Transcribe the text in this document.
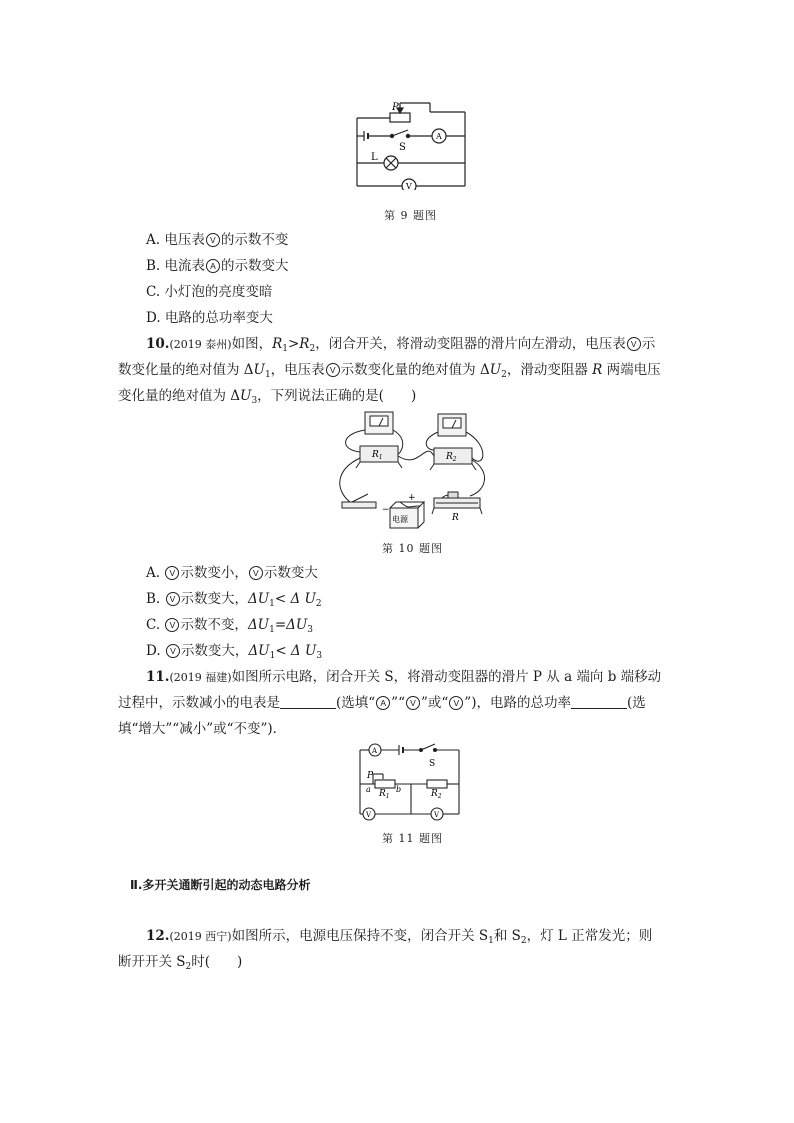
P
S
L
A
V
第 9 题图
A. 电压表 V 的示数不变
B. 电流表 A 的示数变大
C. 小灯泡的亮度变暗
D. 电路的总功率变大
10.(2019 泰州)如图，$R_1>R_2$，闭合开关，将滑动变阻器的滑片向左滑动，电压表 V 示
数变化量的绝对值为 $\Delta U_1$，电压表 V 示数变化量的绝对值为 $\Delta U_2$，滑动变阻器 R 两端电压
变化量的绝对值为 $\Delta U_3$，下列说法正确的是(　　)
$R_1$	$R_2$
电源	R
+
−
第 10 题图
A. V 示数变小， V 示数变大
B. V 示数变大，$\Delta U_1< \Delta$ $U_2$
C. V 示数不变，$\Delta U_1=\Delta U_3$
D. V 示数变大，$\Delta U_1< \Delta$ $U_3$
11.(2019 福建)如图所示电路，闭合开关 S，将滑动变阻器的滑片 P 从 a 端向 b 端移动
过程中，示数减小的电表是	(选填“ A ”“ V ”或“ V ”)，电路的总功率	(选
填“增大”“减小”或“不变”)．
A
S
P
a $R_1$
b	$R_2$
V	V
第 11 题图
Ⅱ.多开关通断引起的动态电路分析
12.(2019 西宁)如图所示，电源电压保持不变，闭合开关 $S_1$和 $S_2$，灯 L 正常发光；则
断开开关 $S_2$时(　　)
